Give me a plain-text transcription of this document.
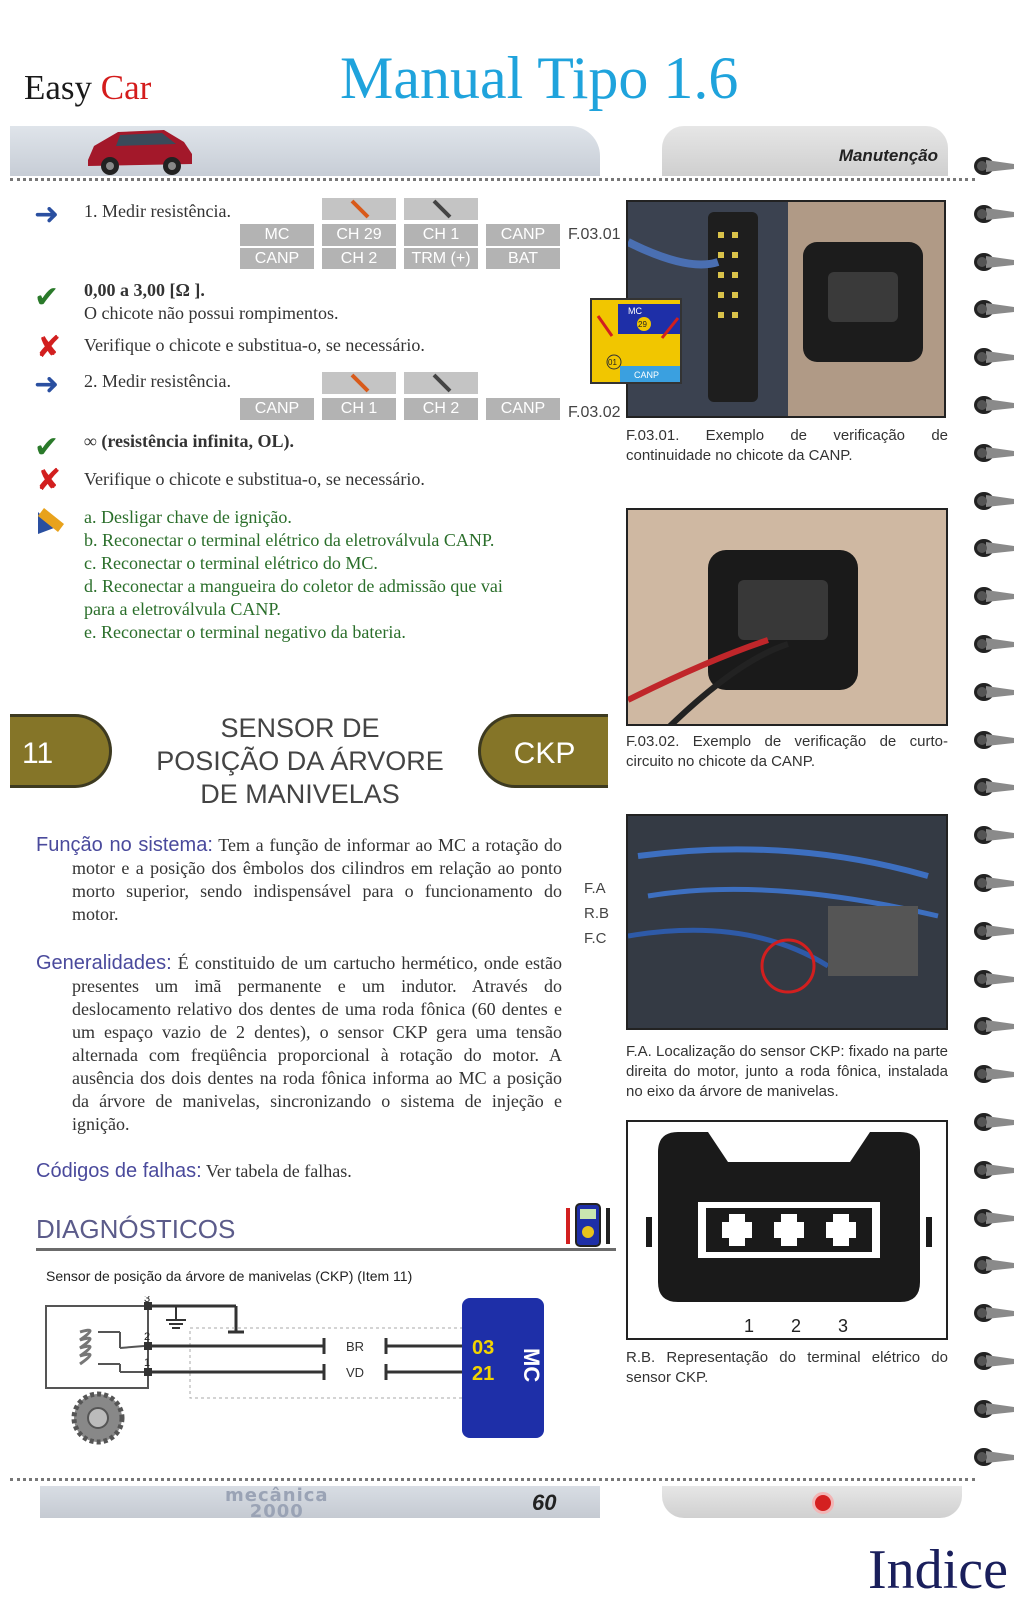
Easy Car	Manual Tipo 1.6
Manutenção
➜ 1. Medir resistência.
MC	CH 29	CH 1	CANP
CANP	CH 2	TRM (+)	BAT
F.03.01
✔ 0,00 a 3,00 [Ω ].
O chicote não possui rompimentos.
✘ Verifique o chicote e substitua-o, se necessário.
➜ 2. Medir resistência.
CANP	CH 1	CH 2	CANP	F.03.02
✔ ∞ (resistência infinita, OL).
✘ Verifique o chicote e substitua-o, se necessário.
a. Desligar chave de ignição.
b. Reconectar o terminal elétrico da eletroválvula CANP.
c. Reconectar o terminal elétrico do MC.
d. Reconectar a mangueira do coletor de admissão que vai
para a eletroválvula CANP.
e. Reconectar o terminal negativo da bateria.
11
SENSOR DE
POSIÇÃO DA ÁRVORE
DE MANIVELAS
CKP
Função no sistema: Tem a função de informar ao MC a rotação do motor e a posição dos êmbolos dos cilindros em relação ao ponto morto superior, sendo indispensável para o funcionamento do motor.
F.A
R.B
F.C
Generalidades: É constituido de um cartucho hermético, onde estão presentes um imã permanente e um indutor. Através do deslocamento relativo dos dentes de uma roda fônica (60 dentes e um espaço vazio de 2 dentes), o sensor CKP gera uma tensão alternada com freqüência proporcional à rotação do motor. A ausência dos dois dentes na roda fônica informa ao MC a posição da árvore de manivelas, sincronizando o sistema de injeção e ignição.
Códigos de falhas: Ver tabela de falhas.
DIAGNÓSTICOS
Sensor de posição da árvore de manivelas (CKP) (Item 11)
3
2
1
BR
VD
03
21 MC
MC
29
01
CANP
F.03.01. Exemplo de verificação de continuidade no chicote da CANP.
F.03.02. Exemplo de verificação de curto-circuito no chicote da CANP.
F.A. Localização do sensor CKP: fixado na parte direita do motor, junto a roda fônica, instalada no eixo da árvore de manivelas.
1 2 3
R.B. Representação do terminal elétrico do sensor CKP.
mecânica
2000	60
Indice
